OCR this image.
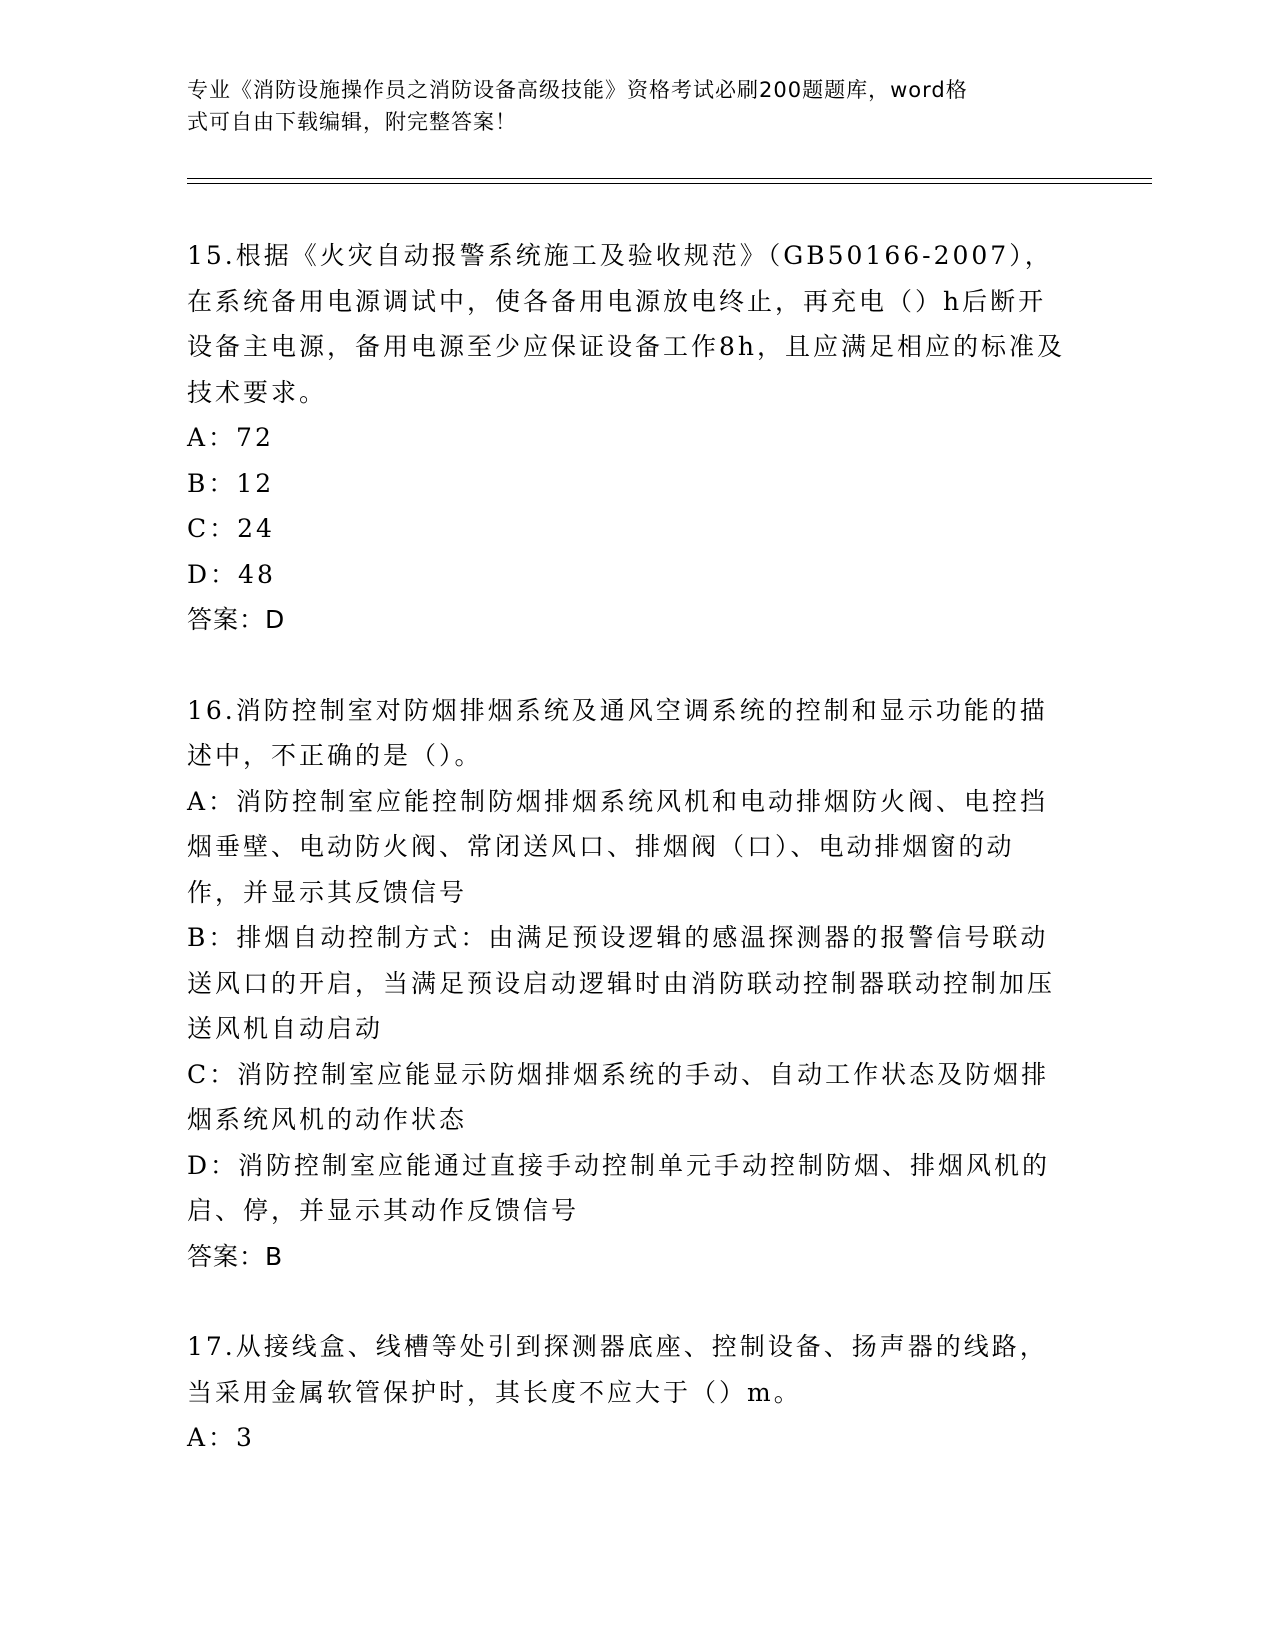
专业《消防设施操作员之消防设备高级技能》资格考试必刷200题题库，word格
式可自由下载编辑，附完整答案！
15.根据《火灾自动报警系统施工及验收规范》（GB50166-2007），在系统备用电源调试中，使各备用电源放电终止，再充电（）h后断开设备主电源，备用电源至少应保证设备工作8h，且应满足相应的标准及技术要求。
A：72
B：12
C：24
D：48
答案：D
16.消防控制室对防烟排烟系统及通风空调系统的控制和显示功能的描述中，不正确的是（）。
A：消防控制室应能控制防烟排烟系统风机和电动排烟防火阀、电控挡烟垂壁、电动防火阀、常闭送风口、排烟阀（口）、电动排烟窗的动作，并显示其反馈信号
B：排烟自动控制方式：由满足预设逻辑的感温探测器的报警信号联动送风口的开启，当满足预设启动逻辑时由消防联动控制器联动控制加压送风机自动启动
C：消防控制室应能显示防烟排烟系统的手动、自动工作状态及防烟排烟系统风机的动作状态
D：消防控制室应能通过直接手动控制单元手动控制防烟、排烟风机的启、停，并显示其动作反馈信号
答案：B
17.从接线盒、线槽等处引到探测器底座、控制设备、扬声器的线路，当采用金属软管保护时，其长度不应大于（）m。
A：3
